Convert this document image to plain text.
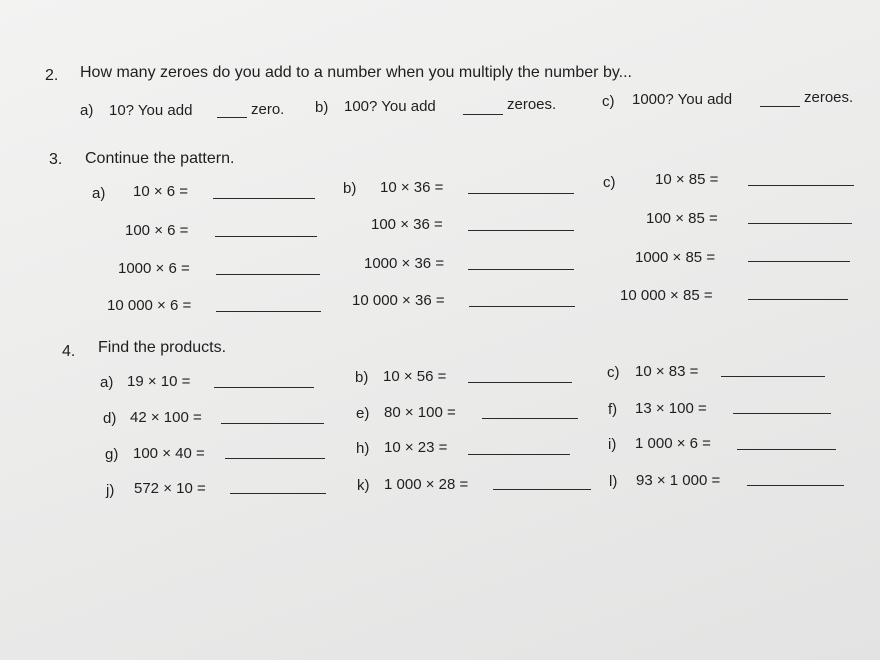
2. How many zeroes do you add to a number when you multiply the number by...
a) 10? You add	zero. b) 100? You add	zeroes.	c) 1000? You add	zeroes.
3. Continue the pattern.
a) 10 × 6 =
100 × 6 =
1000 × 6 =
10 000 × 6 =
b) 10 × 36 =
100 × 36 =
1000 × 36 =
10 000 × 36 =
c)	10 × 85 =
100 × 85 =
1000 × 85 =
10 000 × 85 =
4. Find the products.
a) 19 × 10 =	b) 10 × 56 =	c) 10 × 83 =
d) 42 × 100 =	e) 80 × 100 =	f) 13 × 100 =
g) 100 × 40 =	h) 10 × 23 =	i) 1 000 × 6 =
j) 572 × 10 =	k) 1 000 × 28 =	l) 93 × 1 000 =
